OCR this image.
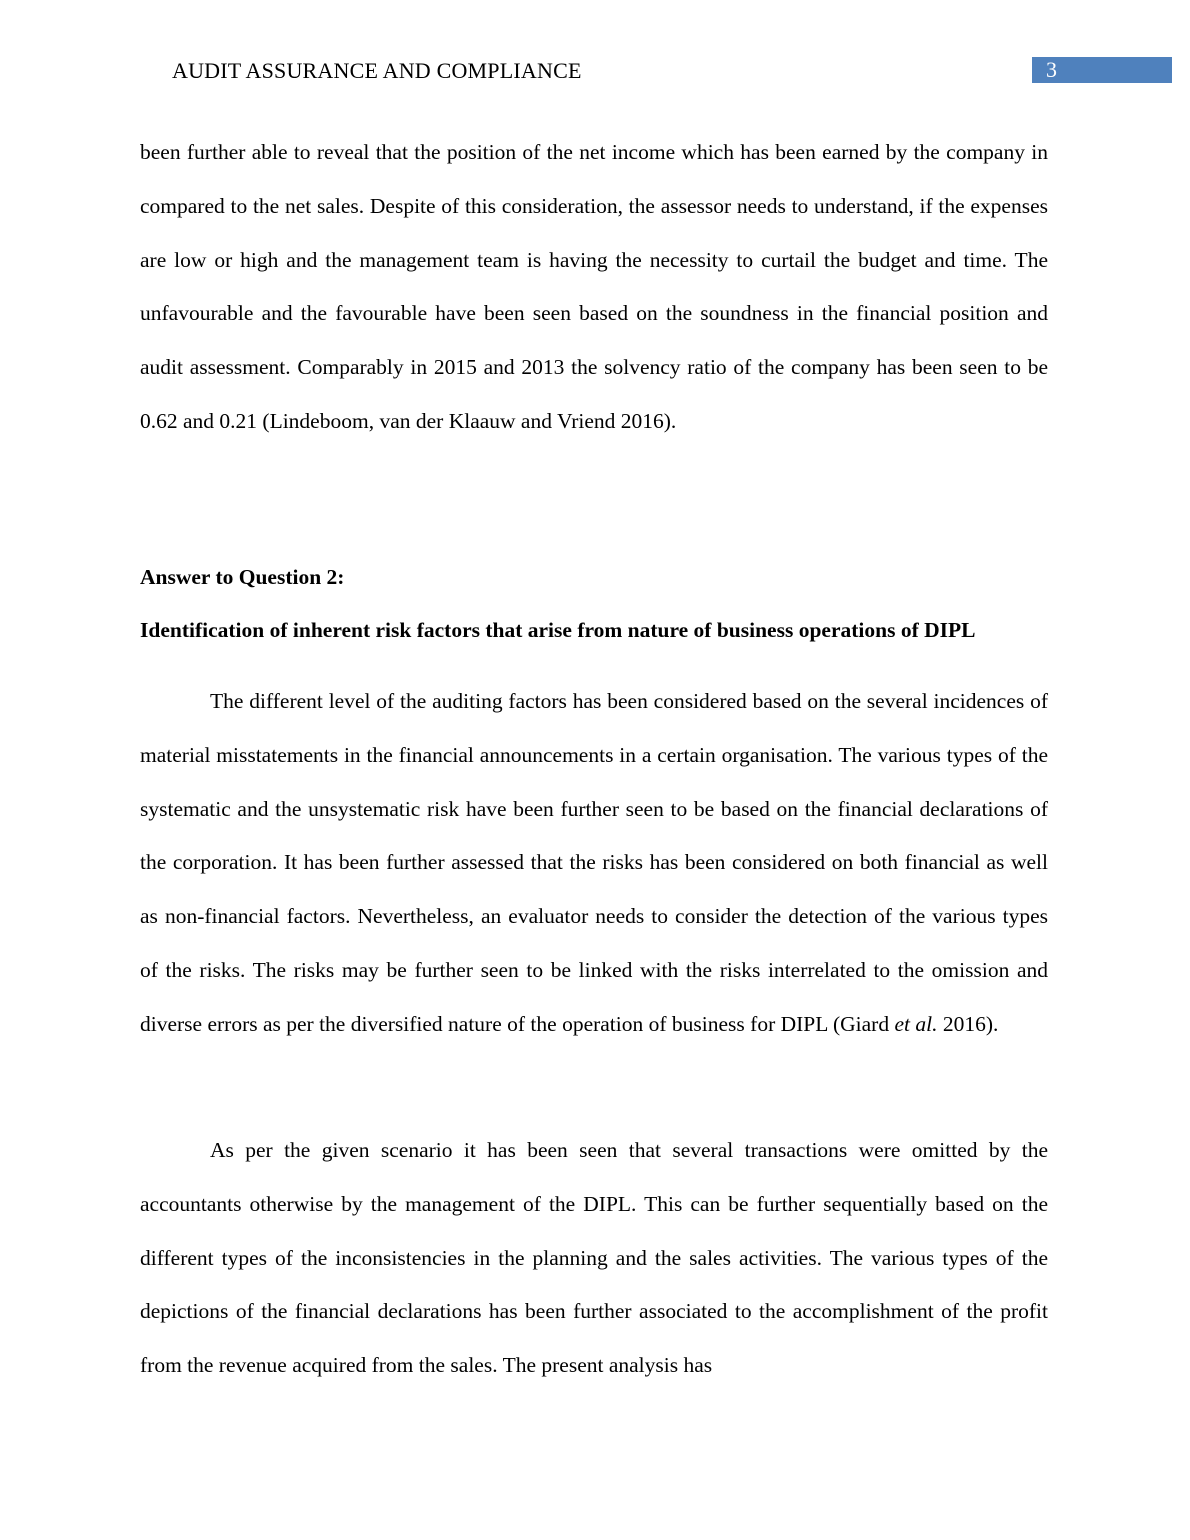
AUDIT ASSURANCE AND COMPLIANCE	3

been further able to reveal that the position of the net income which has been earned by the company in compared to the net sales. Despite of this consideration, the assessor needs to understand, if the expenses are low or high and the management team is having the necessity to curtail the budget and time. The unfavourable and the favourable have been seen based on the soundness in the financial position and audit assessment. Comparably in 2015 and 2013 the solvency ratio of the company has been seen to be 0.62 and 0.21 (Lindeboom, van der Klaauw and Vriend 2016).

Answer to Question 2:
Identification of inherent risk factors that arise from nature of business operations of DIPL

The different level of the auditing factors has been considered based on the several incidences of material misstatements in the financial announcements in a certain organisation. The various types of the systematic and the unsystematic risk have been further seen to be based on the financial declarations of the corporation. It has been further assessed that the risks has been considered on both financial as well as non-financial factors. Nevertheless, an evaluator needs to consider the detection of the various types of the risks. The risks may be further seen to be linked with the risks interrelated to the omission and diverse errors as per the diversified nature of the operation of business for DIPL (Giard et al. 2016).

As per the given scenario it has been seen that several transactions were omitted by the accountants otherwise by the management of the DIPL. This can be further sequentially based on the different types of the inconsistencies in the planning and the sales activities. The various types of the depictions of the financial declarations has been further associated to the accomplishment of the profit from the revenue acquired from the sales. The present analysis has
